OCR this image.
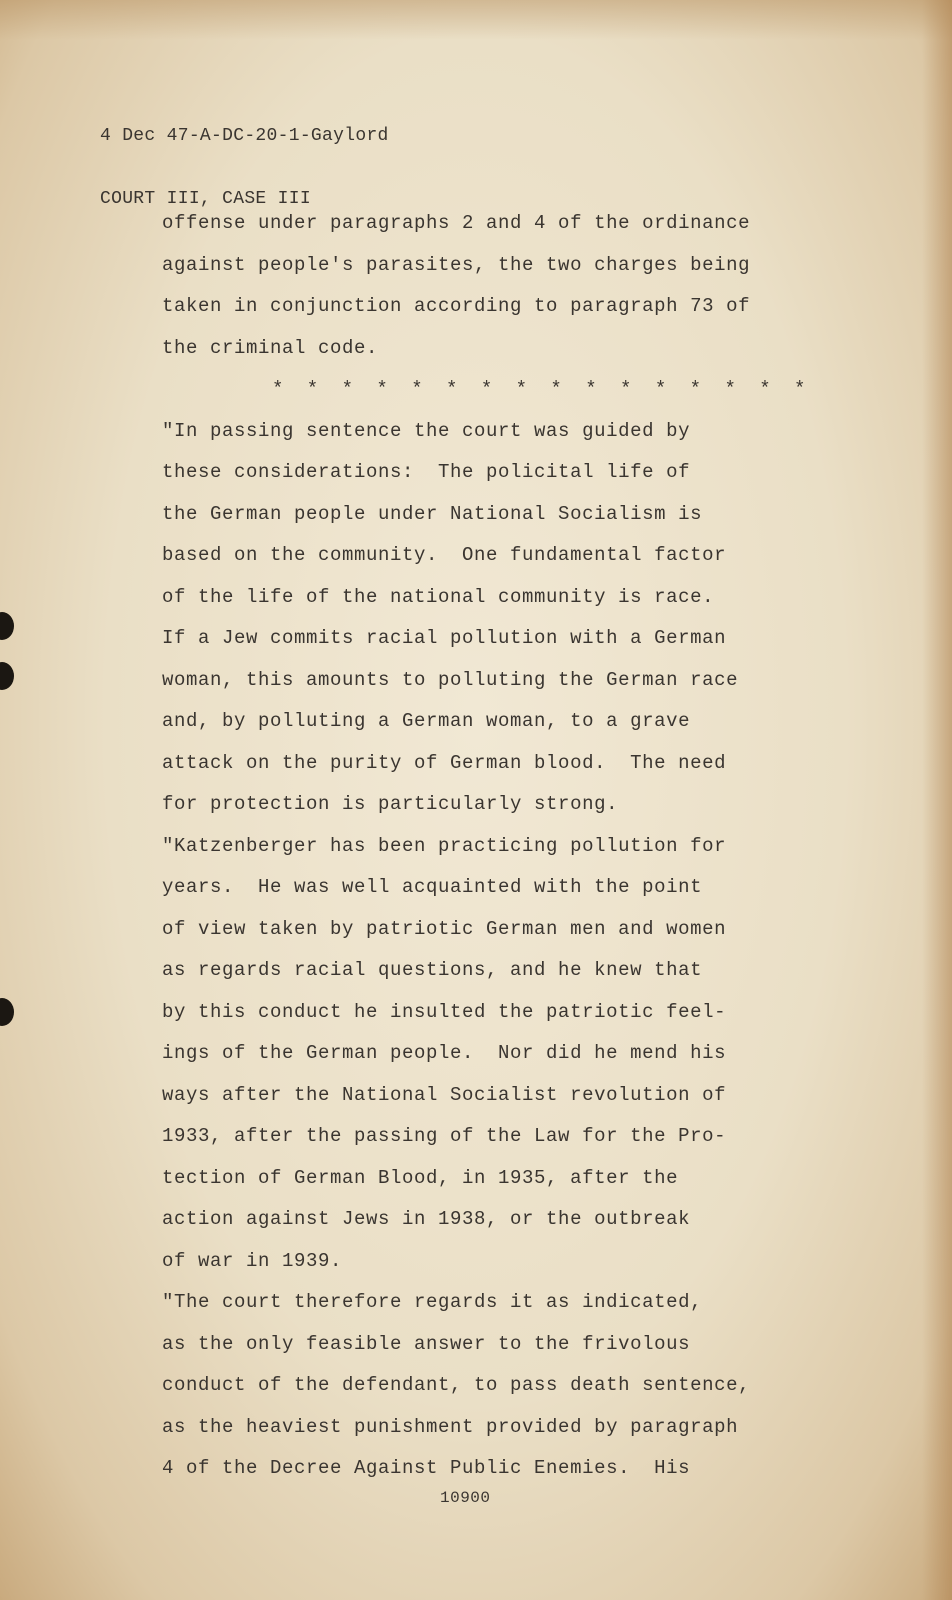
4 Dec 47-A-DC-20-1-Gaylord

COURT III, CASE III

offense under paragraphs 2 and 4 of the ordinance
against people's parasites, the two charges being
taken in conjunction according to paragraph 73 of
the criminal code.
* * * * * * * * * * * * * * * *
"In passing sentence the court was guided by
these considerations:  The policital life of
the German people under National Socialism is
based on the community.  One fundamental factor
of the life of the national community is race.
If a Jew commits racial pollution with a German
woman, this amounts to polluting the German race
and, by polluting a German woman, to a grave
attack on the purity of German blood.  The need
for protection is particularly strong.
"Katzenberger has been practicing pollution for
years.  He was well acquainted with the point
of view taken by patriotic German men and women
as regards racial questions, and he knew that
by this conduct he insulted the patriotic feel-
ings of the German people.  Nor did he mend his
ways after the National Socialist revolution of
1933, after the passing of the Law for the Pro-
tection of German Blood, in 1935, after the
action against Jews in 1938, or the outbreak
of war in 1939.
"The court therefore regards it as indicated,
as the only feasible answer to the frivolous
conduct of the defendant, to pass death sentence,
as the heaviest punishment provided by paragraph
4 of the Decree Against Public Enemies.  His
10900
